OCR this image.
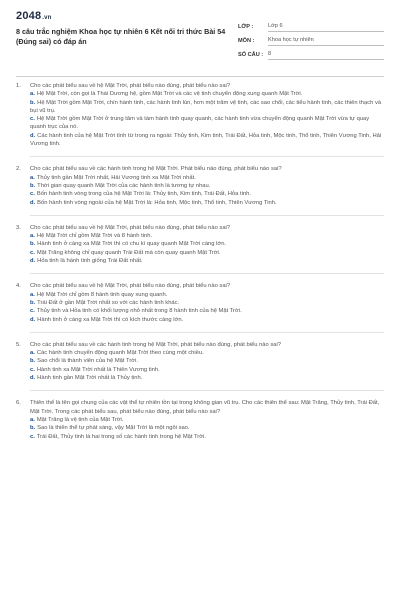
2048.vn
8 câu trắc nghiệm Khoa học tự nhiên 6 Kết nối tri thức Bài 54 (Đúng sai) có đáp án
LỚP :	Lớp 6
MÔN :	Khoa học tự nhiên
SỐ CÂU : 8
1.	Cho các phát biểu sau về hệ Mặt Trời, phát biểu nào đúng, phát biểu nào sai?
a. Hệ Mặt Trời, còn gọi là Thái Dương hệ, gồm Mặt Trời và các vệ tinh chuyển động xung quanh Mặt Trời.
b. Hệ Mặt Trời gồm Mặt Trời, chín hành tinh, các hành tinh lùn, hơn một trăm vệ tinh, các sao chổi, các tiểu hành tinh, các thiên thạch và bụi vũ trụ.
c. Hệ Mặt Trời gồm Mặt Trời ở trung tâm và tám hành tinh quay quanh, các hành tinh vừa chuyển động quanh Mặt Trời vừa tự quay quanh trục của nó.
d. Các hành tinh của hệ Mặt Trời tính từ trong ra ngoài: Thủy tinh, Kim tinh, Trái Đất, Hỏa tinh, Mộc tinh, Thổ tinh, Thiên Vương Tinh, Hải Vương tinh.
2.	Cho các phát biểu sau về các hành tinh trong hệ Mặt Trời. Phát biểu nào đúng, phát biểu nào sai?
a. Thủy tinh gần Mặt Trời nhất, Hải Vương tinh xa Mặt Trời nhất.
b. Thời gian quay quanh Mặt Trời của các hành tinh là tương tự nhau.
c. Bốn hành tinh vòng trong của hệ Mặt Trời là: Thủy tinh, Kim tinh, Trái Đất, Hỏa tinh.
d. Bốn hành tinh vòng ngoài của hệ Mặt Trời là: Hỏa tinh, Mộc tinh, Thổ tinh, Thiên Vương Tinh.
3.	Cho các phát biểu sau về hệ Mặt Trời, phát biểu nào đúng, phát biểu nào sai?
a. Hệ Mặt Trời chỉ gồm Mặt Trời và 8 hành tinh.
b. Hành tinh ở càng xa Mặt Trời thì có chu kì quay quanh Mặt Trời càng lớn.
c. Mặt Trăng không chỉ quay quanh Trái Đất mà còn quay quanh Mặt Trời.
d. Hỏa tinh là hành tinh giống Trái Đất nhất.
4.	Cho các phát biểu sau về hệ Mặt Trời, phát biểu nào đúng, phát biểu nào sai?
a. Hệ Mặt Trời chỉ gồm 8 hành tinh quay xung quanh.
b. Trái Đất ở gần Mặt Trời nhất so với các hành tinh khác.
c. Thủy tinh và Hỏa tinh có khối lượng nhỏ nhất trong 8 hành tinh của hệ Mặt Trời.
d. Hành tinh ở càng xa Mặt Trời thì có kích thước càng lớn.
5.	Cho các phát biểu sau về các hành tinh trong hệ Mặt Trời, phát biểu nào đúng, phát biểu nào sai?
a. Các hành tinh chuyển động quanh Mặt Trời theo cùng một chiều.
b. Sao chổi là thành viên của hệ Mặt Trời.
c. Hành tinh xa Mặt Trời nhất là Thiên Vương tinh.
d. Hành tinh gần Mặt Trời nhất là Thủy tinh.
6.	Thiên thể là tên gọi chung của các vật thể tự nhiên tồn tại trong không gian vũ trụ. Cho các thiên thể sau: Mặt Trăng, Thủy tinh, Trái Đất, Mặt Trời. Trong các phát biểu sau, phát biểu nào đúng, phát biểu nào sai?
a. Mặt Trăng là vệ tinh của Mặt Trời.
b. Sao là thiên thể tự phát sáng, vậy Mặt Trời là một ngôi sao.
c. Trái Đất, Thủy tinh là hai trong số các hành tinh trong hệ Mặt Trời.
